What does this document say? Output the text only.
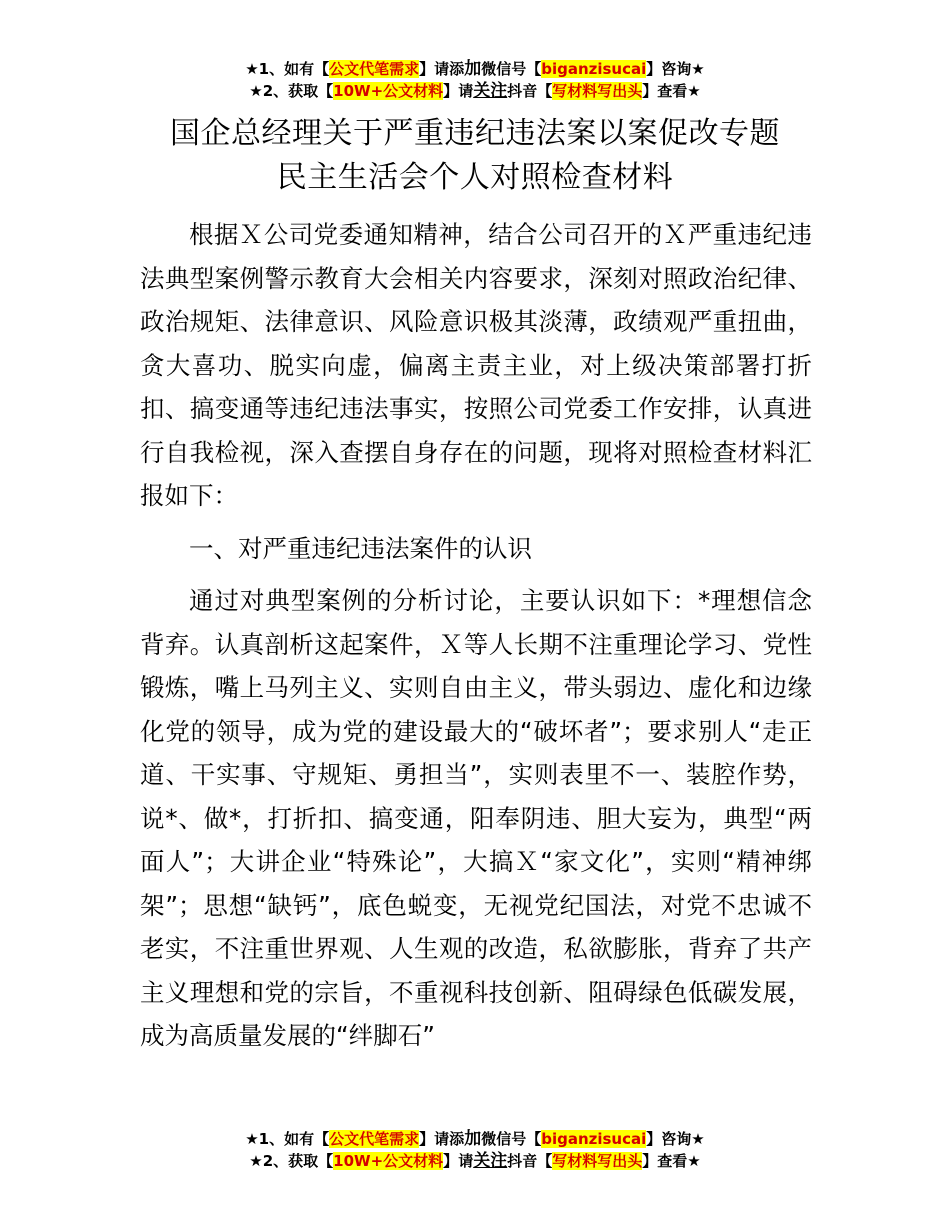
★1、如有【公文代笔需求】请添加微信号【biganzisucai】咨询★
★2、获取【10W+公文材料】请关注抖音【写材料写出头】查看★
国企总经理关于严重违纪违法案以案促改专题
民主生活会个人对照检查材料

根据Ｘ公司党委通知精神，结合公司召开的Ｘ严重违纪违法典型案例警示教育大会相关内容要求，深刻对照政治纪律、政治规矩、法律意识、风险意识极其淡薄，政绩观严重扭曲，贪大喜功、脱实向虚，偏离主责主业，对上级决策部署打折扣、搞变通等违纪违法事实，按照公司党委工作安排，认真进行自我检视，深入查摆自身存在的问题，现将对照检查材料汇报如下：

一、对严重违纪违法案件的认识

通过对典型案例的分析讨论，主要认识如下：*理想信念背弃。认真剖析这起案件，Ｘ等人长期不注重理论学习、党性锻炼，嘴上马列主义、实则自由主义，带头弱边、虚化和边缘化党的领导，成为党的建设最大的“破坏者”；要求别人“走正道、干实事、守规矩、勇担当”，实则表里不一、装腔作势，说*、做*，打折扣、搞变通，阳奉阴违、胆大妄为，典型“两面人”；大讲企业“特殊论”，大搞Ｘ“家文化”，实则“精神绑架”；思想“缺钙”，底色蜕变，无视党纪国法，对党不忠诚不老实，不注重世界观、人生观的改造，私欲膨胀，背弃了共产主义理想和党的宗旨，不重视科技创新、阻碍绿色低碳发展，成为高质量发展的“绊脚石”

★1、如有【公文代笔需求】请添加微信号【biganzisucai】咨询★
★2、获取【10W+公文材料】请关注抖音【写材料写出头】查看★
